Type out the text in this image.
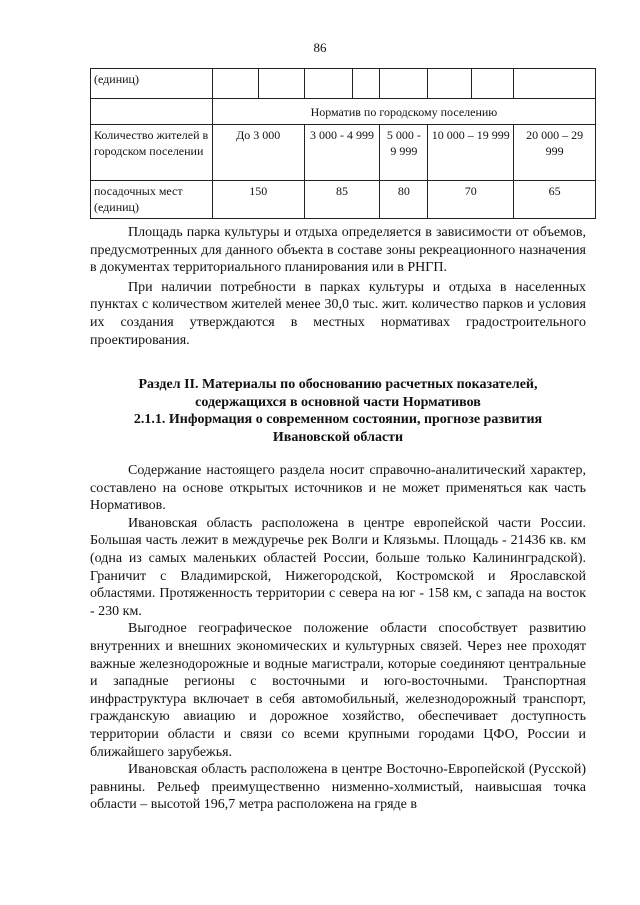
86
(единиц)								
	Норматив по городскому поселению							
Количество жителей в городском поселении	До 3 000		3 000 - 4 999		5 000 - 9 999	10 000 – 19 999		20 000 – 29 999
посадочных мест (единиц)	150		85		80	70		65

Площадь парка культуры и отдыха определяется в зависимости от объемов, предусмотренных для данного объекта в составе зоны рекреационного назначения в документах территориального планирования или в РНГП.

При наличии потребности в парках культуры и отдыха в населенных пунктах с количеством жителей менее 30,0 тыс. жит. количество парков и условия их создания утверждаются в местных нормативах градостроительного проектирования.

Раздел II. Материалы по обоснованию расчетных показателей,
содержащихся в основной части Нормативов
2.1.1. Информация о современном состоянии, прогнозе развития
Ивановской области

Содержание настоящего раздела носит справочно-аналитический характер, составлено на основе открытых источников и не может применяться как часть Нормативов.

Ивановская область расположена в центре европейской части России. Большая часть лежит в междуречье рек Волги и Клязьмы. Площадь - 21436 кв. км (одна из самых маленьких областей России, больше только Калининградской). Граничит с Владимирской, Нижегородской, Костромской и Ярославской областями. Протяженность территории с севера на юг - 158 км, с запада на восток - 230 км.

Выгодное географическое положение области способствует развитию внутренних и внешних экономических и культурных связей. Через нее проходят важные железнодорожные и водные магистрали, которые соединяют центральные и западные регионы с восточными и юго-восточными. Транспортная инфраструктура включает в себя автомобильный, железнодорожный транспорт, гражданскую авиацию и дорожное хозяйство, обеспечивает доступность территории области и связи со всеми крупными городами ЦФО, России и ближайшего зарубежья.

Ивановская область расположена в центре Восточно-Европейской (Русской) равнины. Рельеф преимущественно низменно-холмистый, наивысшая точка области – высотой 196,7 метра расположена на гряде в
